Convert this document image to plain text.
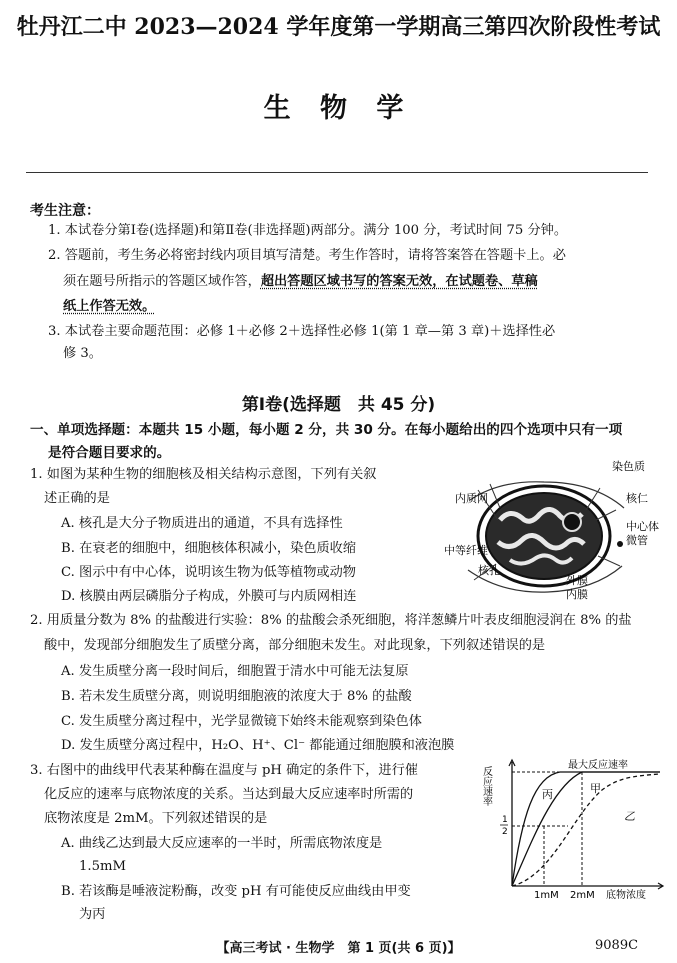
牡丹江二中 2023—2024 学年度第一学期高三第四次阶段性考试
生 物 学
考生注意：
1. 本试卷分第Ⅰ卷(选择题)和第Ⅱ卷(非选择题)两部分。满分 100 分，考试时间 75 分钟。
2. 答题前，考生务必将密封线内项目填写清楚。考生作答时，请将答案答在答题卡上。必
须在题号所指示的答题区域作答，超出答题区域书写的答案无效，在试题卷、草稿
纸上作答无效。
3. 本试卷主要命题范围：必修 1＋必修 2＋选择性必修 1(第 1 章—第 3 章)＋选择性必
修 3。
第Ⅰ卷(选择题　共 45 分)
一、单项选择题：本题共 15 小题，每小题 2 分，共 30 分。在每小题给出的四个选项中只有一项
是符合题目要求的。
1. 如图为某种生物的细胞核及相关结构示意图，下列有关叙
述正确的是
A. 核孔是大分子物质进出的通道，不具有选择性
B. 在衰老的细胞中，细胞核体积减小，染色质收缩
C. 图示中有中心体，说明该生物为低等植物或动物
D. 核膜由两层磷脂分子构成，外膜可与内质网相连
染色质
内质网	核仁
中心体
微管
中等纤维
核孔
外膜
内膜
2. 用质量分数为 8% 的盐酸进行实验：8% 的盐酸会杀死细胞，将洋葱鳞片叶表皮细胞浸润在 8% 的盐
酸中，发现部分细胞发生了质壁分离，部分细胞未发生。对此现象，下列叙述错误的是
A. 发生质壁分离一段时间后，细胞置于清水中可能无法复原
B. 若未发生质壁分离，则说明细胞液的浓度大于 8% 的盐酸
C. 发生质壁分离过程中，光学显微镜下始终未能观察到染色体
D. 发生质壁分离过程中，H₂O、H⁺、Cl⁻ 都能通过细胞膜和液泡膜
3. 右图中的曲线甲代表某种酶在温度与 pH 确定的条件下，进行催
化反应的速率与底物浓度的关系。当达到最大反应速率时所需的
底物浓度是 2mM。下列叙述错误的是
A. 曲线乙达到最大反应速率的一半时，所需底物浓度是
1.5mM
B. 若该酶是唾液淀粉酶，改变 pH 有可能使反应曲线由甲变
为丙
最大反应速率
反应速率	甲
丙
乙
1
2
1mM 2mM 底物浓度
【高三考试 · 生物学　第 1 页(共 6 页)】	9089C
